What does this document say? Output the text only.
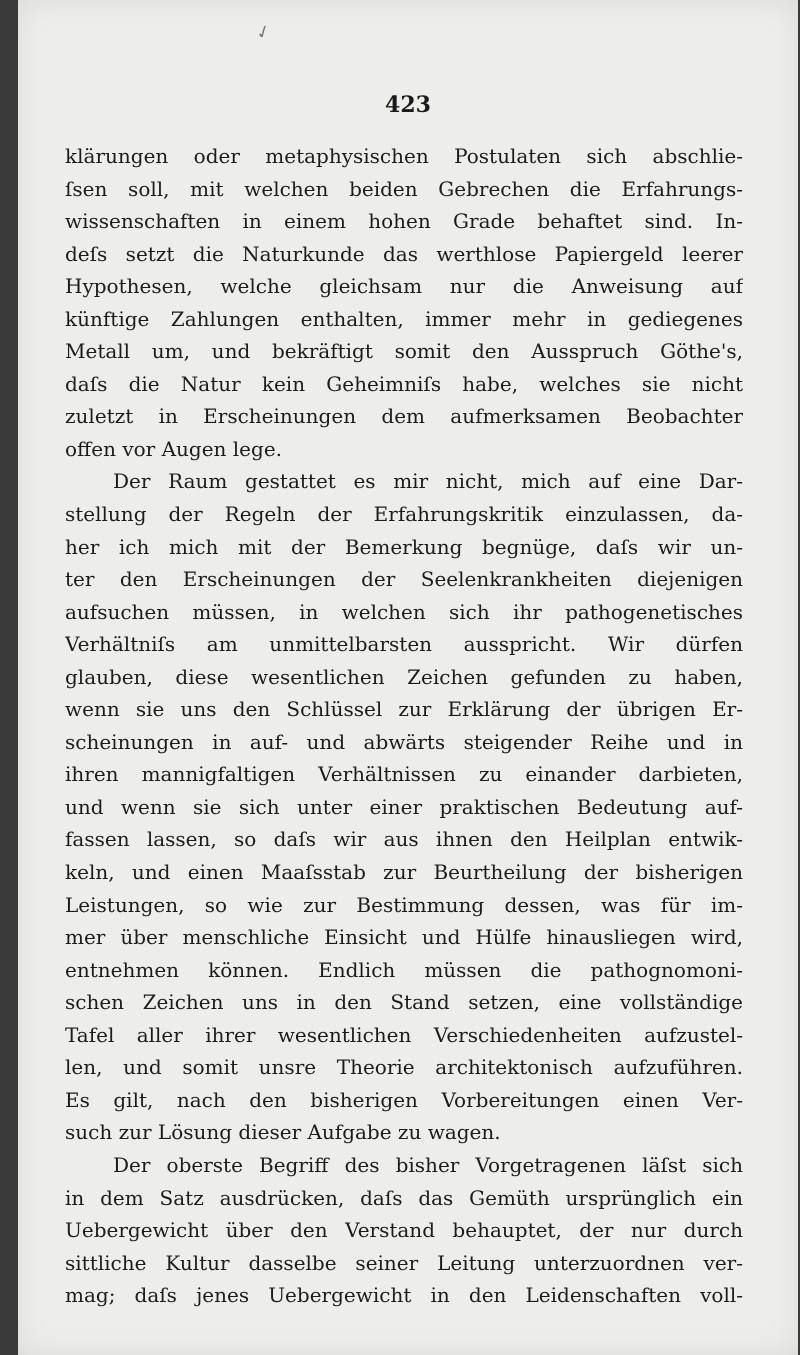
✓
423
klärungen oder metaphysischen Postulaten sich abschlie-
ſsen soll, mit welchen beiden Gebrechen die Erfahrungs-
wissenschaften in einem hohen Grade behaftet sind. In-
deſs setzt die Naturkunde das werthlose Papiergeld leerer
Hypothesen, welche gleichsam nur die Anweisung auf
künftige Zahlungen enthalten, immer mehr in gediegenes
Metall um, und bekräftigt somit den Ausspruch Göthe's,
daſs die Natur kein Geheimniſs habe, welches sie nicht
zuletzt in Erscheinungen dem aufmerksamen Beobachter
offen vor Augen lege.
Der Raum gestattet es mir nicht, mich auf eine Dar-
stellung der Regeln der Erfahrungskritik einzulassen, da-
her ich mich mit der Bemerkung begnüge, daſs wir un-
ter den Erscheinungen der Seelenkrankheiten diejenigen
aufsuchen müssen, in welchen sich ihr pathogenetisches
Verhältniſs am unmittelbarsten ausspricht. Wir dürfen
glauben, diese wesentlichen Zeichen gefunden zu haben,
wenn sie uns den Schlüssel zur Erklärung der übrigen Er-
scheinungen in auf- und abwärts steigender Reihe und in
ihren mannigfaltigen Verhältnissen zu einander darbieten,
und wenn sie sich unter einer praktischen Bedeutung auf-
fassen lassen, so daſs wir aus ihnen den Heilplan entwik-
keln, und einen Maaſsstab zur Beurtheilung der bisherigen
Leistungen, so wie zur Bestimmung dessen, was für im-
mer über menschliche Einsicht und Hülfe hinausliegen wird,
entnehmen können. Endlich müssen die pathognomoni-
schen Zeichen uns in den Stand setzen, eine vollständige
Tafel aller ihrer wesentlichen Verschiedenheiten aufzustel-
len, und somit unsre Theorie architektonisch aufzuführen.
Es gilt, nach den bisherigen Vorbereitungen einen Ver-
such zur Lösung dieser Aufgabe zu wagen.
Der oberste Begriff des bisher Vorgetragenen läſst sich
in dem Satz ausdrücken, daſs das Gemüth ursprünglich ein
Uebergewicht über den Verstand behauptet, der nur durch
sittliche Kultur dasselbe seiner Leitung unterzuordnen ver-
mag; daſs jenes Uebergewicht in den Leidenschaften voll-
